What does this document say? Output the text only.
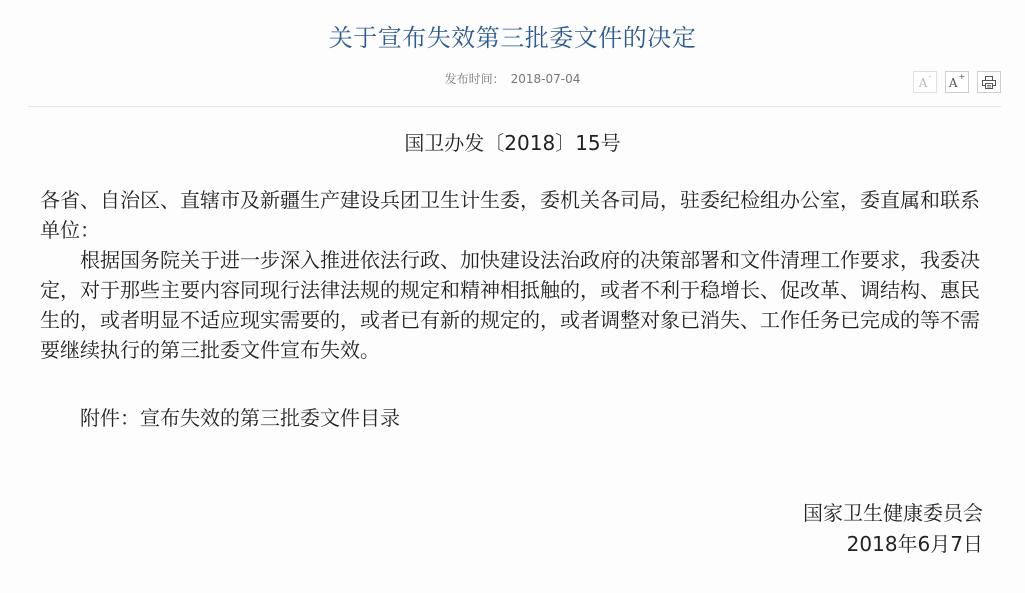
关于宣布失效第三批委文件的决定
发布时间： 2018-07-04	A- A+
国卫办发〔2018〕15号
各省、自治区、直辖市及新疆生产建设兵团卫生计生委，委机关各司局，驻委纪检组办公室，委直属和联系单位：
根据国务院关于进一步深入推进依法行政、加快建设法治政府的决策部署和文件清理工作要求，我委决定，对于那些主要内容同现行法律法规的规定和精神相抵触的，或者不利于稳增长、促改革、调结构、惠民生的，或者明显不适应现实需要的，或者已有新的规定的，或者调整对象已消失、工作任务已完成的等不需要继续执行的第三批委文件宣布失效。
附件：宣布失效的第三批委文件目录
国家卫生健康委员会
2018年6月7日
